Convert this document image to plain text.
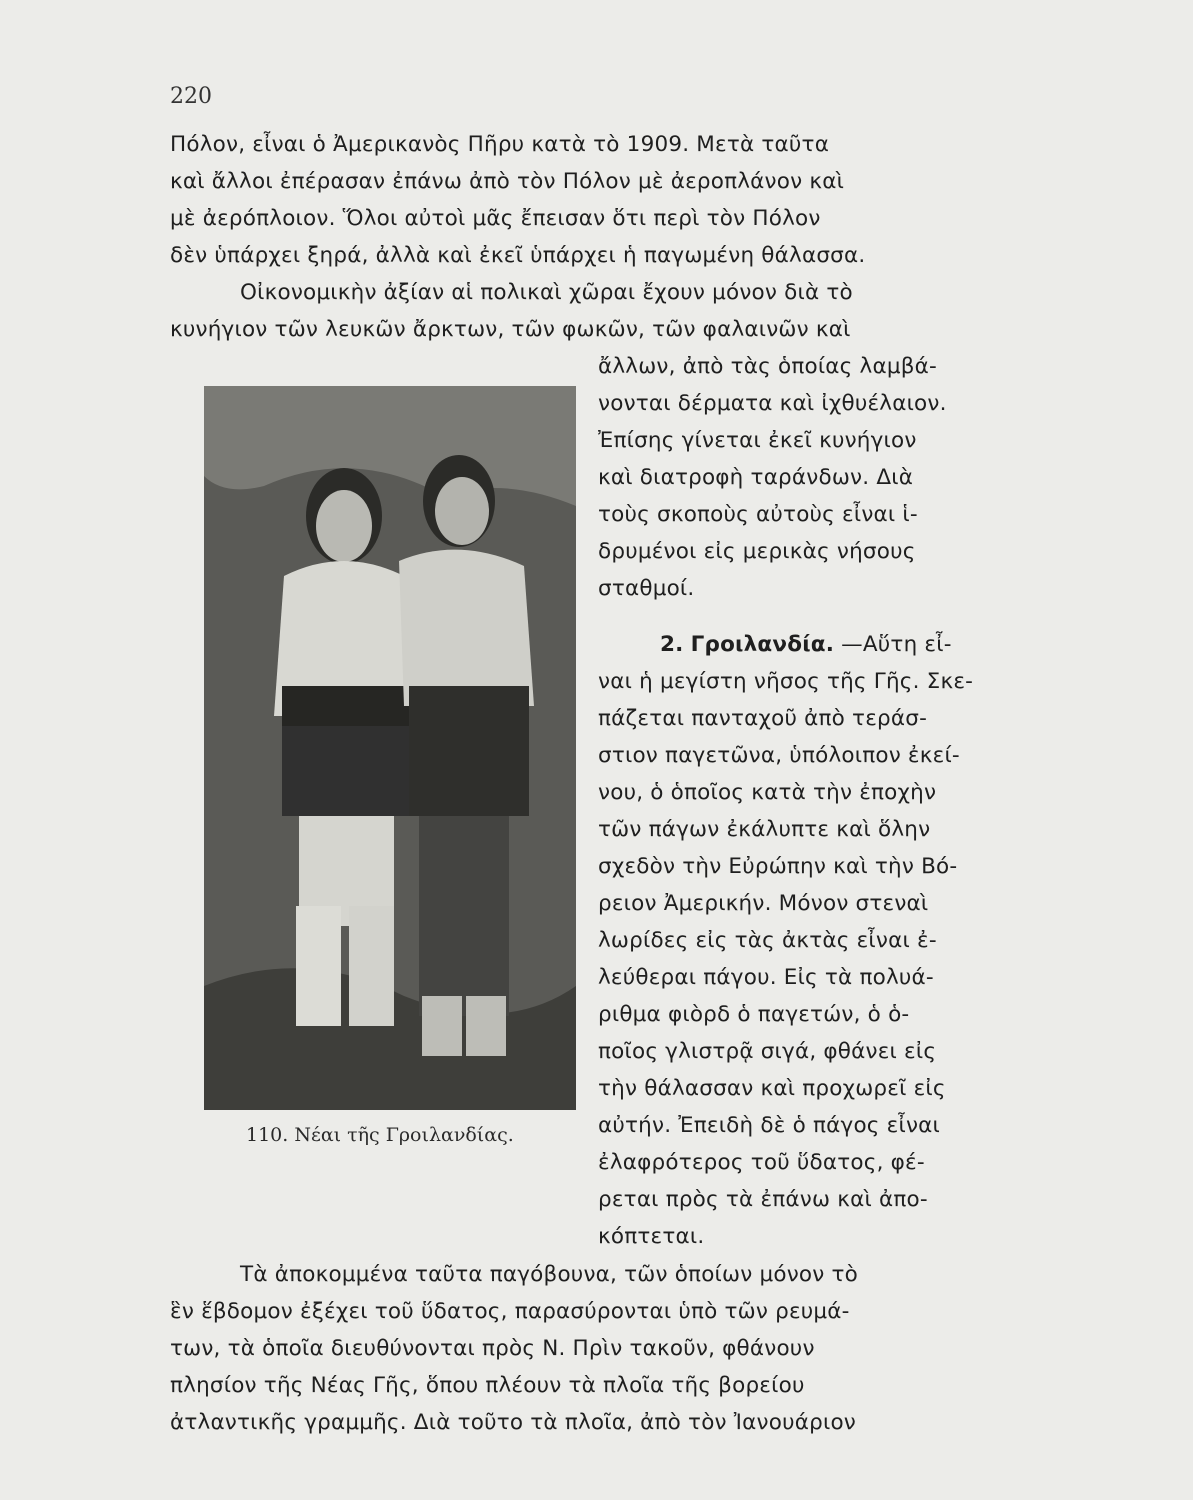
220
Πόλον, εἶναι ὁ Ἀμερικανὸς Πῆρυ κατὰ τὸ 1909. Μετὰ ταῦτα
καὶ ἄλλοι ἐπέρασαν ἐπάνω ἀπὸ τὸν Πόλον μὲ ἀεροπλάνον καὶ
μὲ ἀερόπλοιον. Ὅλοι αὐτοὶ μᾶς ἔπεισαν ὅτι περὶ τὸν Πόλον
δὲν ὑπάρχει ξηρά, ἀλλὰ καὶ ἐκεῖ ὑπάρχει ἡ παγωμένη θάλασσα.
Οἰκονομικὴν ἀξίαν αἱ πολικαὶ χῶραι ἔχουν μόνον διὰ τὸ
κυνήγιον τῶν λευκῶν ἄρκτων, τῶν φωκῶν, τῶν φαλαινῶν καὶ
ἄλλων, ἀπὸ τὰς ὁποίας λαμβά-
νονται δέρματα καὶ ἰχθυέλαιον.
Ἐπίσης γίνεται ἐκεῖ κυνήγιον
καὶ διατροφὴ ταράνδων. Διὰ
τοὺς σκοποὺς αὐτοὺς εἶναι ἱ-
δρυμένοι εἰς μερικὰς νήσους
σταθμοί.
2. Γροιλανδία. —Αὕτη εἶ-
ναι ἡ μεγίστη νῆσος τῆς Γῆς. Σκε-
πάζεται πανταχοῦ ἀπὸ τεράσ-
στιον παγετῶνα, ὑπόλοιπον ἐκεί-
νου, ὁ ὁποῖος κατὰ τὴν ἐποχὴν
τῶν πάγων ἐκάλυπτε καὶ ὅλην
σχεδὸν τὴν Εὐρώπην καὶ τὴν Βό-
ρειον Ἀμερικήν. Μόνον στεναὶ
λωρίδες εἰς τὰς ἀκτὰς εἶναι ἐ-
λεύθεραι πάγου. Εἰς τὰ πολυά-
ριθμα φιὸρδ ὁ παγετών, ὁ ὁ-
ποῖος γλιστρᾷ σιγά, φθάνει εἰς
τὴν θάλασσαν καὶ προχωρεῖ εἰς
αὐτήν. Ἐπειδὴ δὲ ὁ πάγος εἶναι
ἐλαφρότερος τοῦ ὕδατος, φέ-
ρεται πρὸς τὰ ἐπάνω καὶ ἀπο-
κόπτεται.
Τὰ ἀποκομμένα ταῦτα παγόβουνα, τῶν ὁποίων μόνον τὸ
ἓν ἕβδομον ἐξέχει τοῦ ὕδατος, παρασύρονται ὑπὸ τῶν ρευμά-
των, τὰ ὁποῖα διευθύνονται πρὸς Ν. Πρὶν τακοῦν, φθάνουν
πλησίον τῆς Νέας Γῆς, ὅπου πλέουν τὰ πλοῖα τῆς βορείου
ἀτλαντικῆς γραμμῆς. Διὰ τοῦτο τὰ πλοῖα, ἀπὸ τὸν Ἰανουάριον
110. Νέαι τῆς Γροιλανδίας.
